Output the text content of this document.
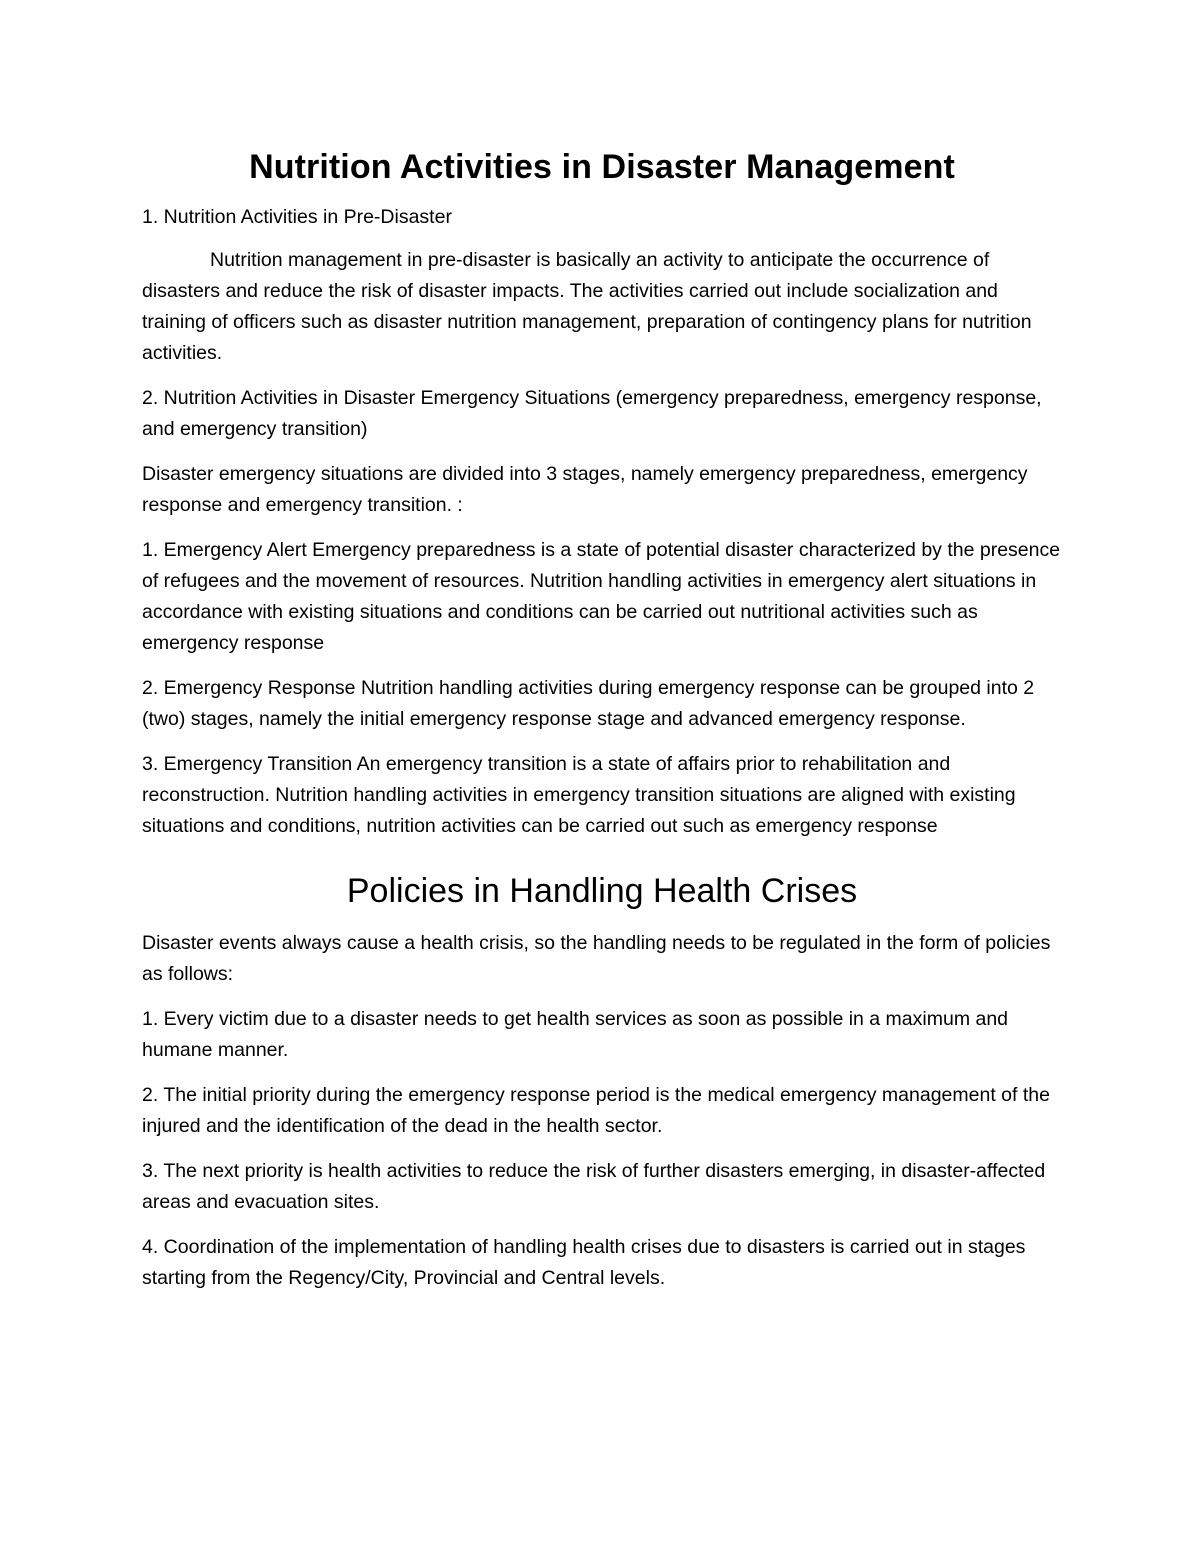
Nutrition Activities in Disaster Management

1. Nutrition Activities in Pre-Disaster

Nutrition management in pre-disaster is basically an activity to anticipate the occurrence of disasters and reduce the risk of disaster impacts. The activities carried out include socialization and training of officers such as disaster nutrition management, preparation of contingency plans for nutrition activities.

2. Nutrition Activities in Disaster Emergency Situations (emergency preparedness, emergency response, and emergency transition)

Disaster emergency situations are divided into 3 stages, namely emergency preparedness, emergency response and emergency transition. :

1. Emergency Alert Emergency preparedness is a state of potential disaster characterized by the presence of refugees and the movement of resources. Nutrition handling activities in emergency alert situations in accordance with existing situations and conditions can be carried out nutritional activities such as emergency response

2. Emergency Response Nutrition handling activities during emergency response can be grouped into 2 (two) stages, namely the initial emergency response stage and advanced emergency response.

3. Emergency Transition An emergency transition is a state of affairs prior to rehabilitation and reconstruction. Nutrition handling activities in emergency transition situations are aligned with existing situations and conditions, nutrition activities can be carried out such as emergency response

Policies in Handling Health Crises

Disaster events always cause a health crisis, so the handling needs to be regulated in the form of policies as follows:

1. Every victim due to a disaster needs to get health services as soon as possible in a maximum and humane manner.

2. The initial priority during the emergency response period is the medical emergency management of the injured and the identification of the dead in the health sector.

3. The next priority is health activities to reduce the risk of further disasters emerging, in disaster-affected areas and evacuation sites.

4. Coordination of the implementation of handling health crises due to disasters is carried out in stages starting from the Regency/City, Provincial and Central levels.
